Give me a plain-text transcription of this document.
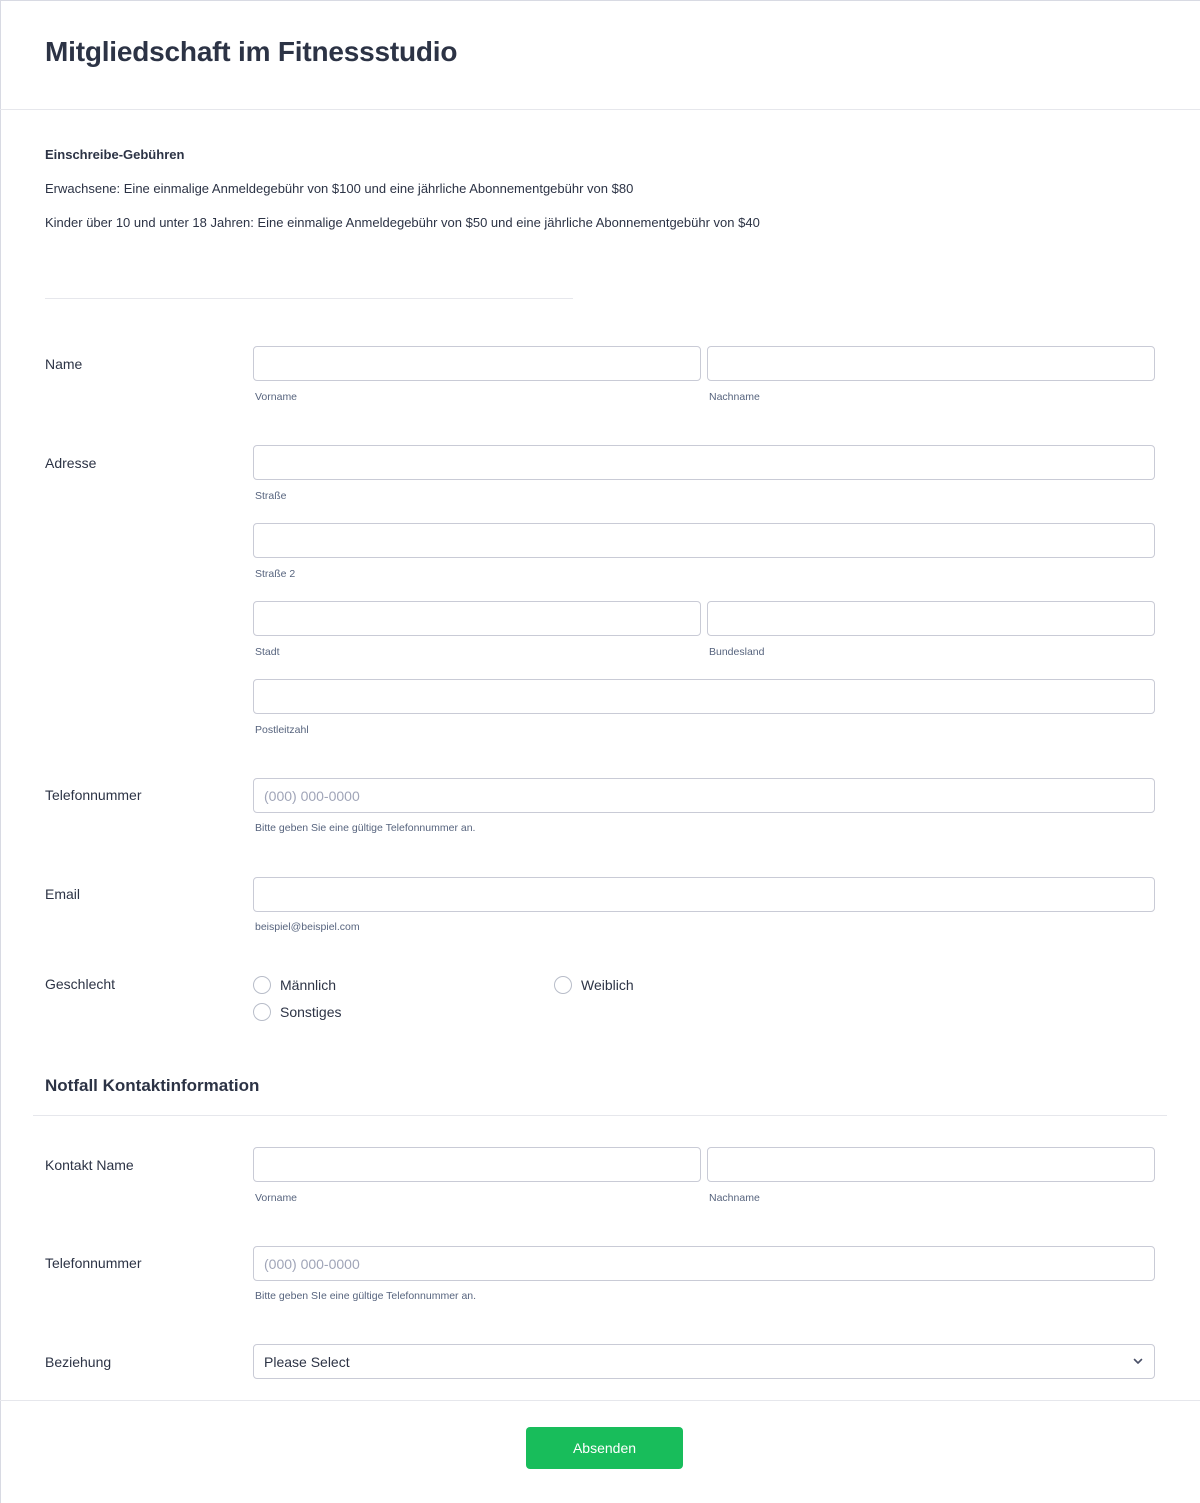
Mitgliedschaft im Fitnessstudio
Einschreibe-Gebühren
Erwachsene: Eine einmalige Anmeldegebühr von $100 und eine jährliche Abonnementgebühr von $80
Kinder über 10 und unter 18 Jahren: Eine einmalige Anmeldegebühr von $50 und eine jährliche Abonnementgebühr von $40
Name
Vorname	Nachname
Adresse
Straße
Straße 2
Stadt	Bundesland
Postleitzahl
Telefonnummer
(000) 000-0000
Bitte geben Sie eine gültige Telefonnummer an.
Email
beispiel@beispiel.com
Geschlecht	Männlich	Weiblich
Sonstiges
Notfall Kontaktinformation
Kontakt Name
Vorname	Nachname
Telefonnummer
(000) 000-0000
Bitte geben SIe eine gültige Telefonnummer an.
Beziehung	Please Select
Absenden
